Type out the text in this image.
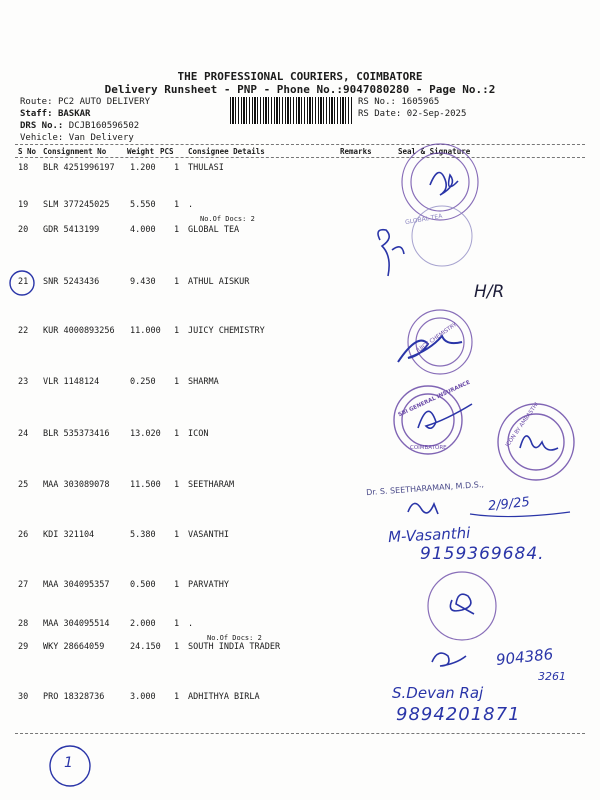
THE PROFESSIONAL COURIERS, COIMBATORE
Delivery Runsheet - PNP - Phone No.:9047080280 - Page No.:2
Route: PC2 AUTO DELIVERY
Staff: BASKAR
DRS No.: DCJB160596502
Vehicle: Van Delivery
RS No.: 1605965
RS Date: 02-Sep-2025
S No Consignment No	Weight PCS Consignee Details	Remarks	Seal & Signature
18 BLR 4251996197 1.200 1 THULASI
19 SLM 377245025 5.550 1 .
No.Of Docs: 2
20 GDR 5413199	4.000 1 GLOBAL TEA
21 SNR 5243436	9.430 1 ATHUL AISKUR
22 KUR 4000893256 11.000 1 JUICY CHEMISTRY
23 VLR 1148124	0.250 1 SHARMA
24 BLR 535373416 13.020 1 ICON
25 MAA 303089078 11.500 1 SEETHARAM
26 KDI 321104	5.380 1 VASANTHI
27 MAA 304095357 0.500 1 PARVATHY
28 MAA 304095514 2.000 1 .
No.Of Docs: 2
29 WKY 28664059	24.150 1 SOUTH INDIA TRADER
30 PRO 18328736	3.000 1 ADHITHYA BIRLA
GLOBAL TEA
JUICY CHEMISTRY
SBI GENERAL INSURANCE
COIMBATORE	ICON BY AMBASTHI
H/R
Dr. S. SEETHARAMAN, M.D.S.,
2/9/25
M-Vasanthi
9159369684.
904386
3261
S.Devan Raj
9894201871
1
